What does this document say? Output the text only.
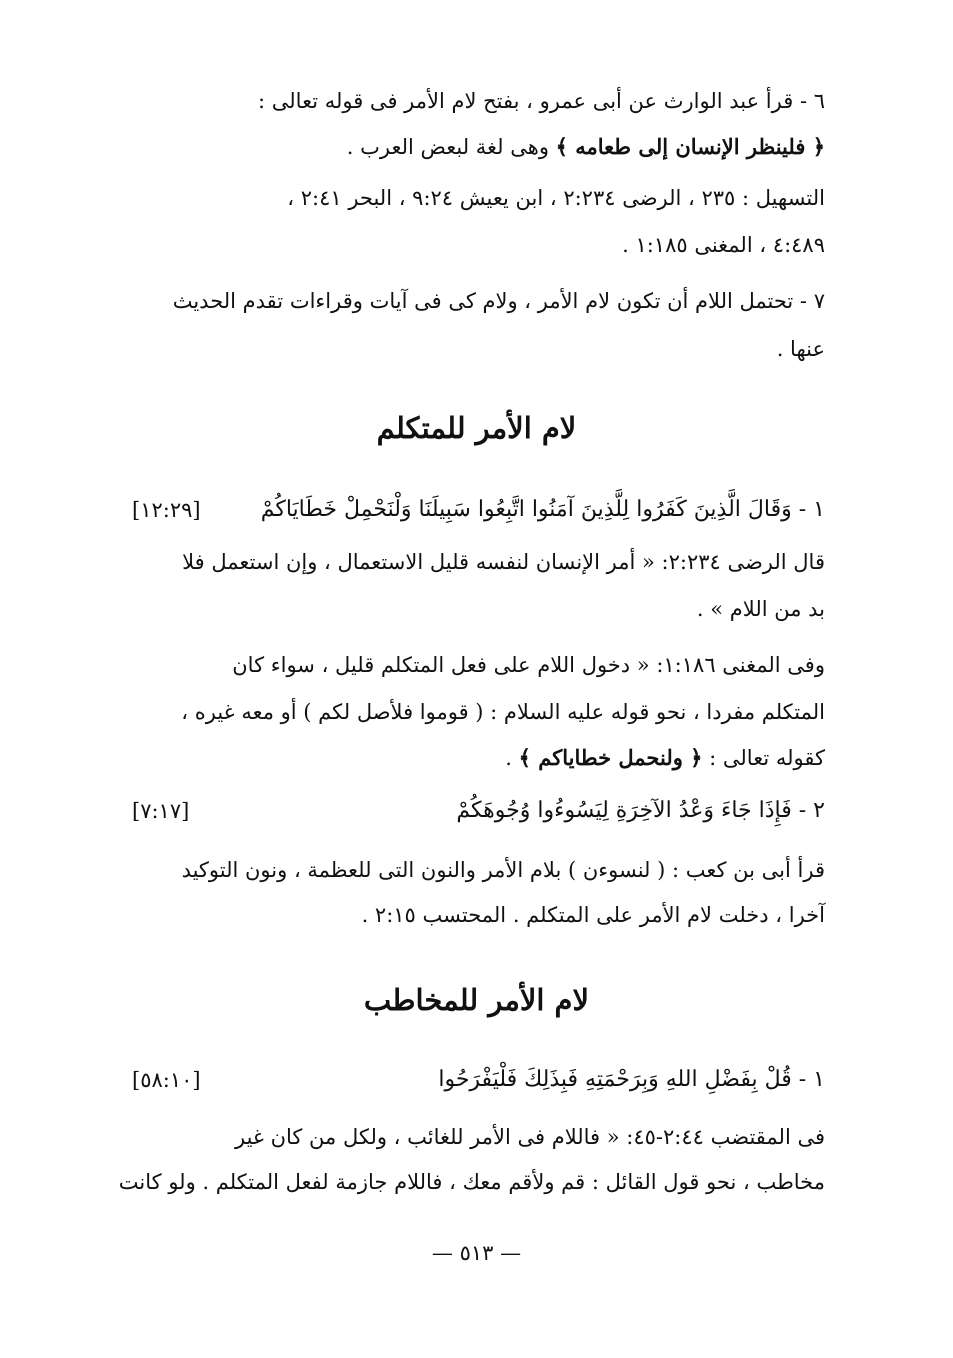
٦ - قرأ عبد الوارث عن أبى عمرو ، بفتح لام الأمر فى قوله تعالى :
﴿ فلينظر الإنسان إلى طعامه ﴾ وهى لغة لبعض العرب .
التسهيل : ٢٣٥ ، الرضى ٢:٢٣٤ ، ابن يعيش ٩:٢٤ ، البحر ٢:٤١ ،
٤:٤٨٩ ، المغنى ١:١٨٥ .
٧ - تحتمل اللام أن تكون لام الأمر ، ولام كى فى آيات وقراءات تقدم الحديث
عنها .
لام الأمر للمتكلم
١ - وَقَالَ الَّذِينَ كَفَرُوا لِلَّذِينَ آمَنُوا اتَّبِعُوا سَبِيلَنَا وَلْنَحْمِلْ خَطَايَاكُمْ
[١٢:٢٩]
قال الرضى ٢:٢٣٤: « أمر الإنسان لنفسه قليل الاستعمال ، وإن استعمل فلا
بد من اللام » .
وفى المغنى ١:١٨٦: « دخول اللام على فعل المتكلم قليل ، سواء كان
المتكلم مفردا ، نحو قوله عليه السلام : ( قوموا فلأصل لكم ) أو معه غيره ،
كقوله تعالى : ﴿ ولنحمل خطاياكم ﴾ .
٢ - فَإِذَا جَاءَ وَعْدُ الآخِرَةِ لِيَسُوءُوا وُجُوهَكُمْ
[٧:١٧]
قرأ أبى بن كعب : ( لنسوءن ) بلام الأمر والنون التى للعظمة ، ونون التوكيد
آخرا ، دخلت لام الأمر على المتكلم . المحتسب ٢:١٥ .
لام الأمر للمخاطب
١ - قُلْ بِفَضْلِ اللهِ وَبِرَحْمَتِهِ فَبِذَلِكَ فَلْيَفْرَحُوا
[٥٨:١٠]
فى المقتضب ٢:٤٤-٤٥: « فاللام فى الأمر للغائب ، ولكل من كان غير
مخاطب ، نحو قول القائل : قم ولأقم معك ، فاللام جازمة لفعل المتكلم . ولو كانت
— ٥١٣ —
